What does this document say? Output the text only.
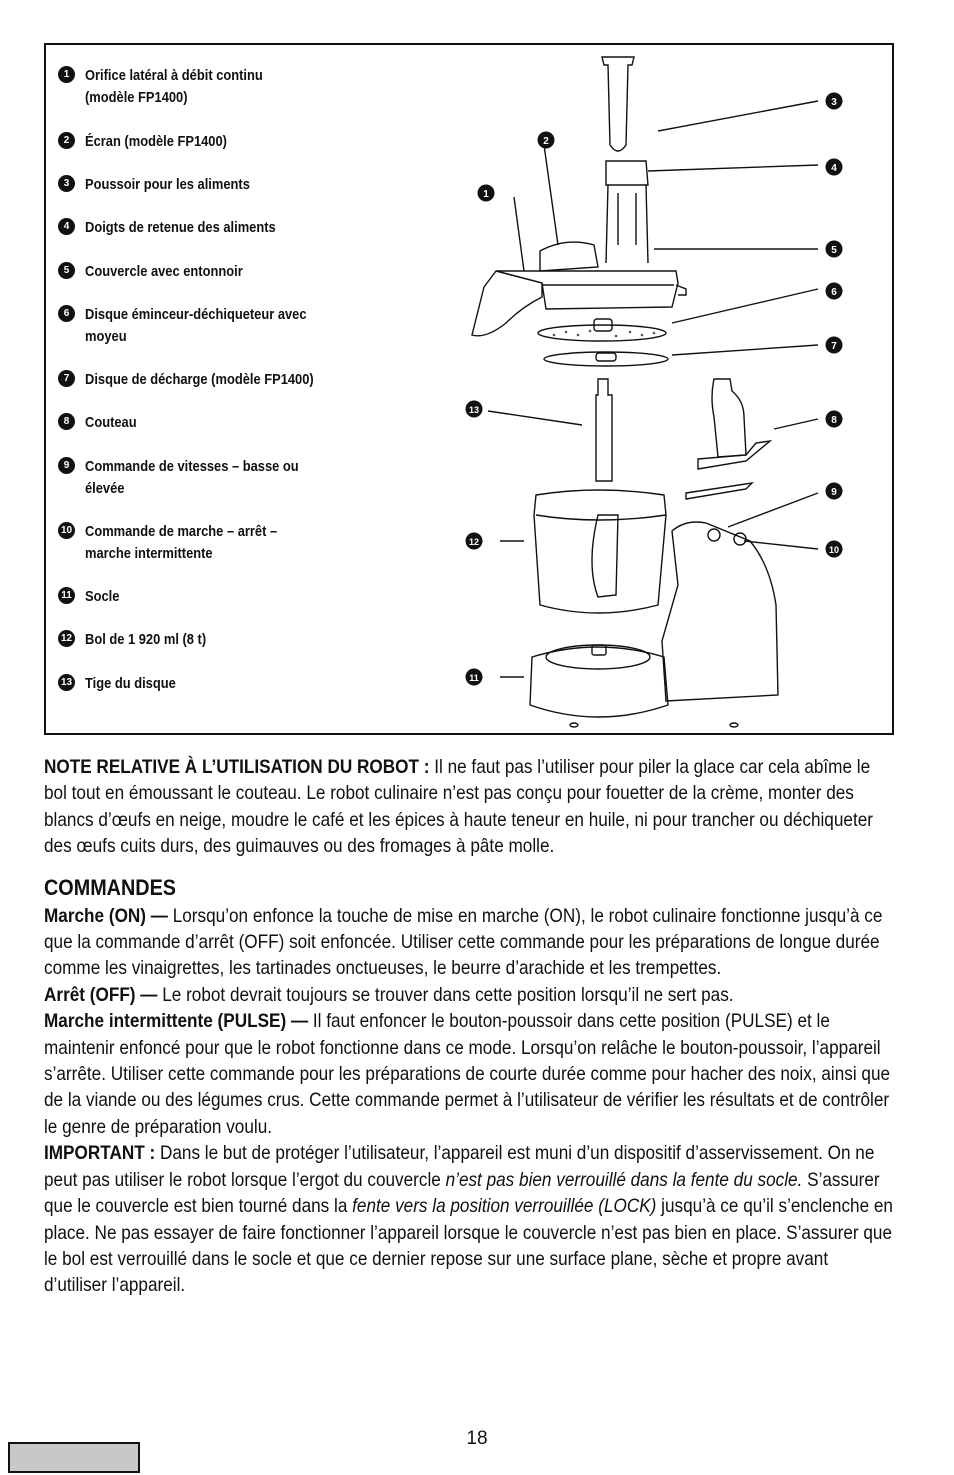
1	Orifice latéral à débit continu
(modèle FP1400)
2	Écran (modèle FP1400)
3	Poussoir pour les aliments
4	Doigts de retenue des aliments
5	Couvercle avec entonnoir
6	Disque éminceur-déchiqueteur avec
moyeu
7	Disque de décharge (modèle FP1400)
8	Couteau
9	Commande de vitesses – basse ou
élevée
10 Commande de marche – arrêt –
marche intermittente
11 Socle
12 Bol de 1 920 ml (8 t)
13 Tige du disque
1
2
3
4
5
6
7
8
9
10
11
12
13

NOTE RELATIVE À L’UTILISATION DU ROBOT : Il ne faut pas l’utiliser pour piler la glace car cela abîme le bol tout en émoussant le couteau. Le robot culinaire n’est pas conçu pour fouetter de la crème, monter des blancs d’œufs en neige, moudre le café et les épices à haute teneur en huile, ni pour trancher ou déchiqueter des œufs cuits durs, des guimauves ou des fromages à pâte molle.

COMMANDES

Marche (ON) — Lorsqu’on enfonce la touche de mise en marche (ON), le robot culinaire fonctionne jusqu’à ce que la commande d’arrêt (OFF) soit enfoncée. Utiliser cette commande pour les préparations de longue durée comme les vinaigrettes, les tartinades onctueuses, le beurre d’arachide et les trempettes.

Arrêt (OFF) — Le robot devrait toujours se trouver dans cette position lorsqu’il ne sert pas.

Marche intermittente (PULSE) — Il faut enfoncer le bouton-poussoir dans cette position (PULSE) et le maintenir enfoncé pour que le robot fonctionne dans ce mode. Lorsqu’on relâche le bouton-poussoir, l’appareil s’arrête. Utiliser cette commande pour les préparations de courte durée comme pour hacher des noix, ainsi que de la viande ou des légumes crus. Cette commande permet à l’utilisateur de vérifier les résultats et de contrôler le genre de préparation voulu.

IMPORTANT : Dans le but de protéger l’utilisateur, l’appareil est muni d’un dispositif d’asservissement. On ne peut pas utiliser le robot lorsque l’ergot du couvercle n’est pas bien verrouillé dans la fente du socle. S’assurer que le couvercle est bien tourné dans la fente vers la position verrouillée (LOCK) jusqu’à ce qu’il s’enclenche en place. Ne pas essayer de faire fonctionner l’appareil lorsque le couvercle n’est pas bien en place. S’assurer que le bol est verrouillé dans le socle et que ce dernier repose sur une surface plane, sèche et propre avant d’utiliser l’appareil.

18
